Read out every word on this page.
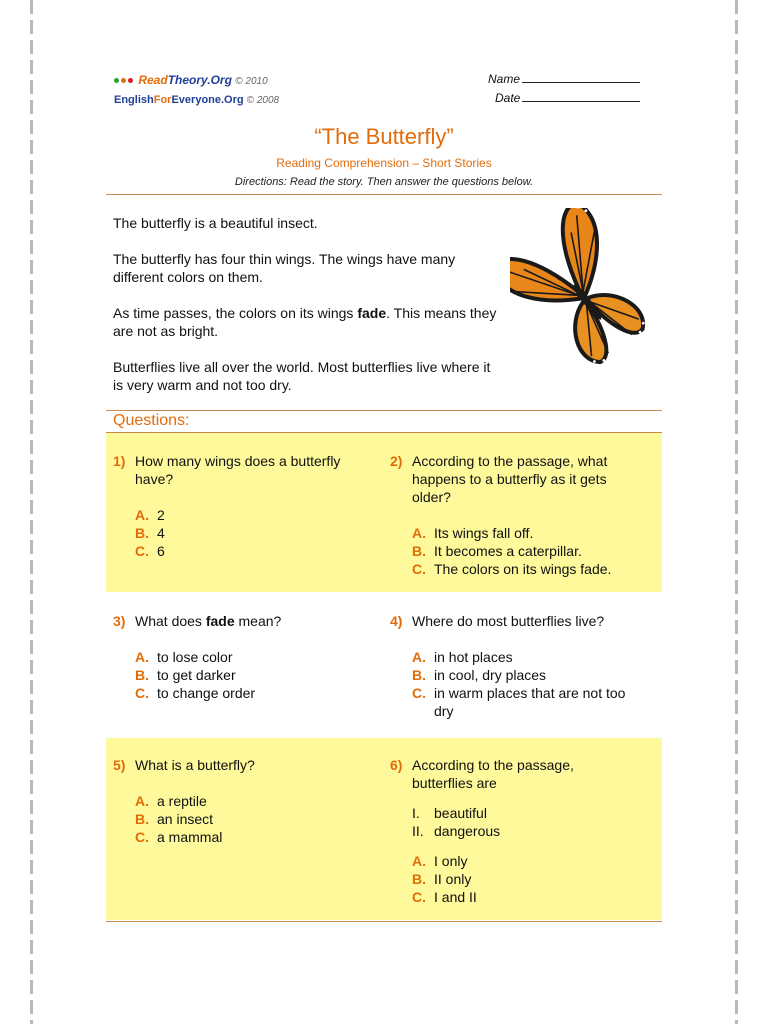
ReadTheory.Org © 2010
EnglishForEveryone.Org © 2008
Name
Date
“The Butterfly”
Reading Comprehension – Short Stories
Directions: Read the story. Then answer the questions below.

The butterfly is a beautiful insect.

The butterfly has four thin wings. The wings have many different colors on them.

As time passes, the colors on its wings fade. This means they are not as bright.

Butterflies live all over the world. Most butterflies live where it is very warm and not too dry.

Questions:
1) How many wings does a butterfly have?
A. 2
B. 4
C. 6
2) According to the passage, what happens to a butterfly as it gets older?
A. Its wings fall off.
B. It becomes a caterpillar.
C. The colors on its wings fade.
3) What does fade mean?
A. to lose color
B. to get darker
C. to change order
4) Where do most butterflies live?
A. in hot places
B. in cool, dry places
C. in warm places that are not too dry
5) What is a butterfly?
A. a reptile
B. an insect
C. a mammal
6) According to the passage, butterflies are
I. beautiful
II. dangerous
A. I only
B. II only
C. I and II
